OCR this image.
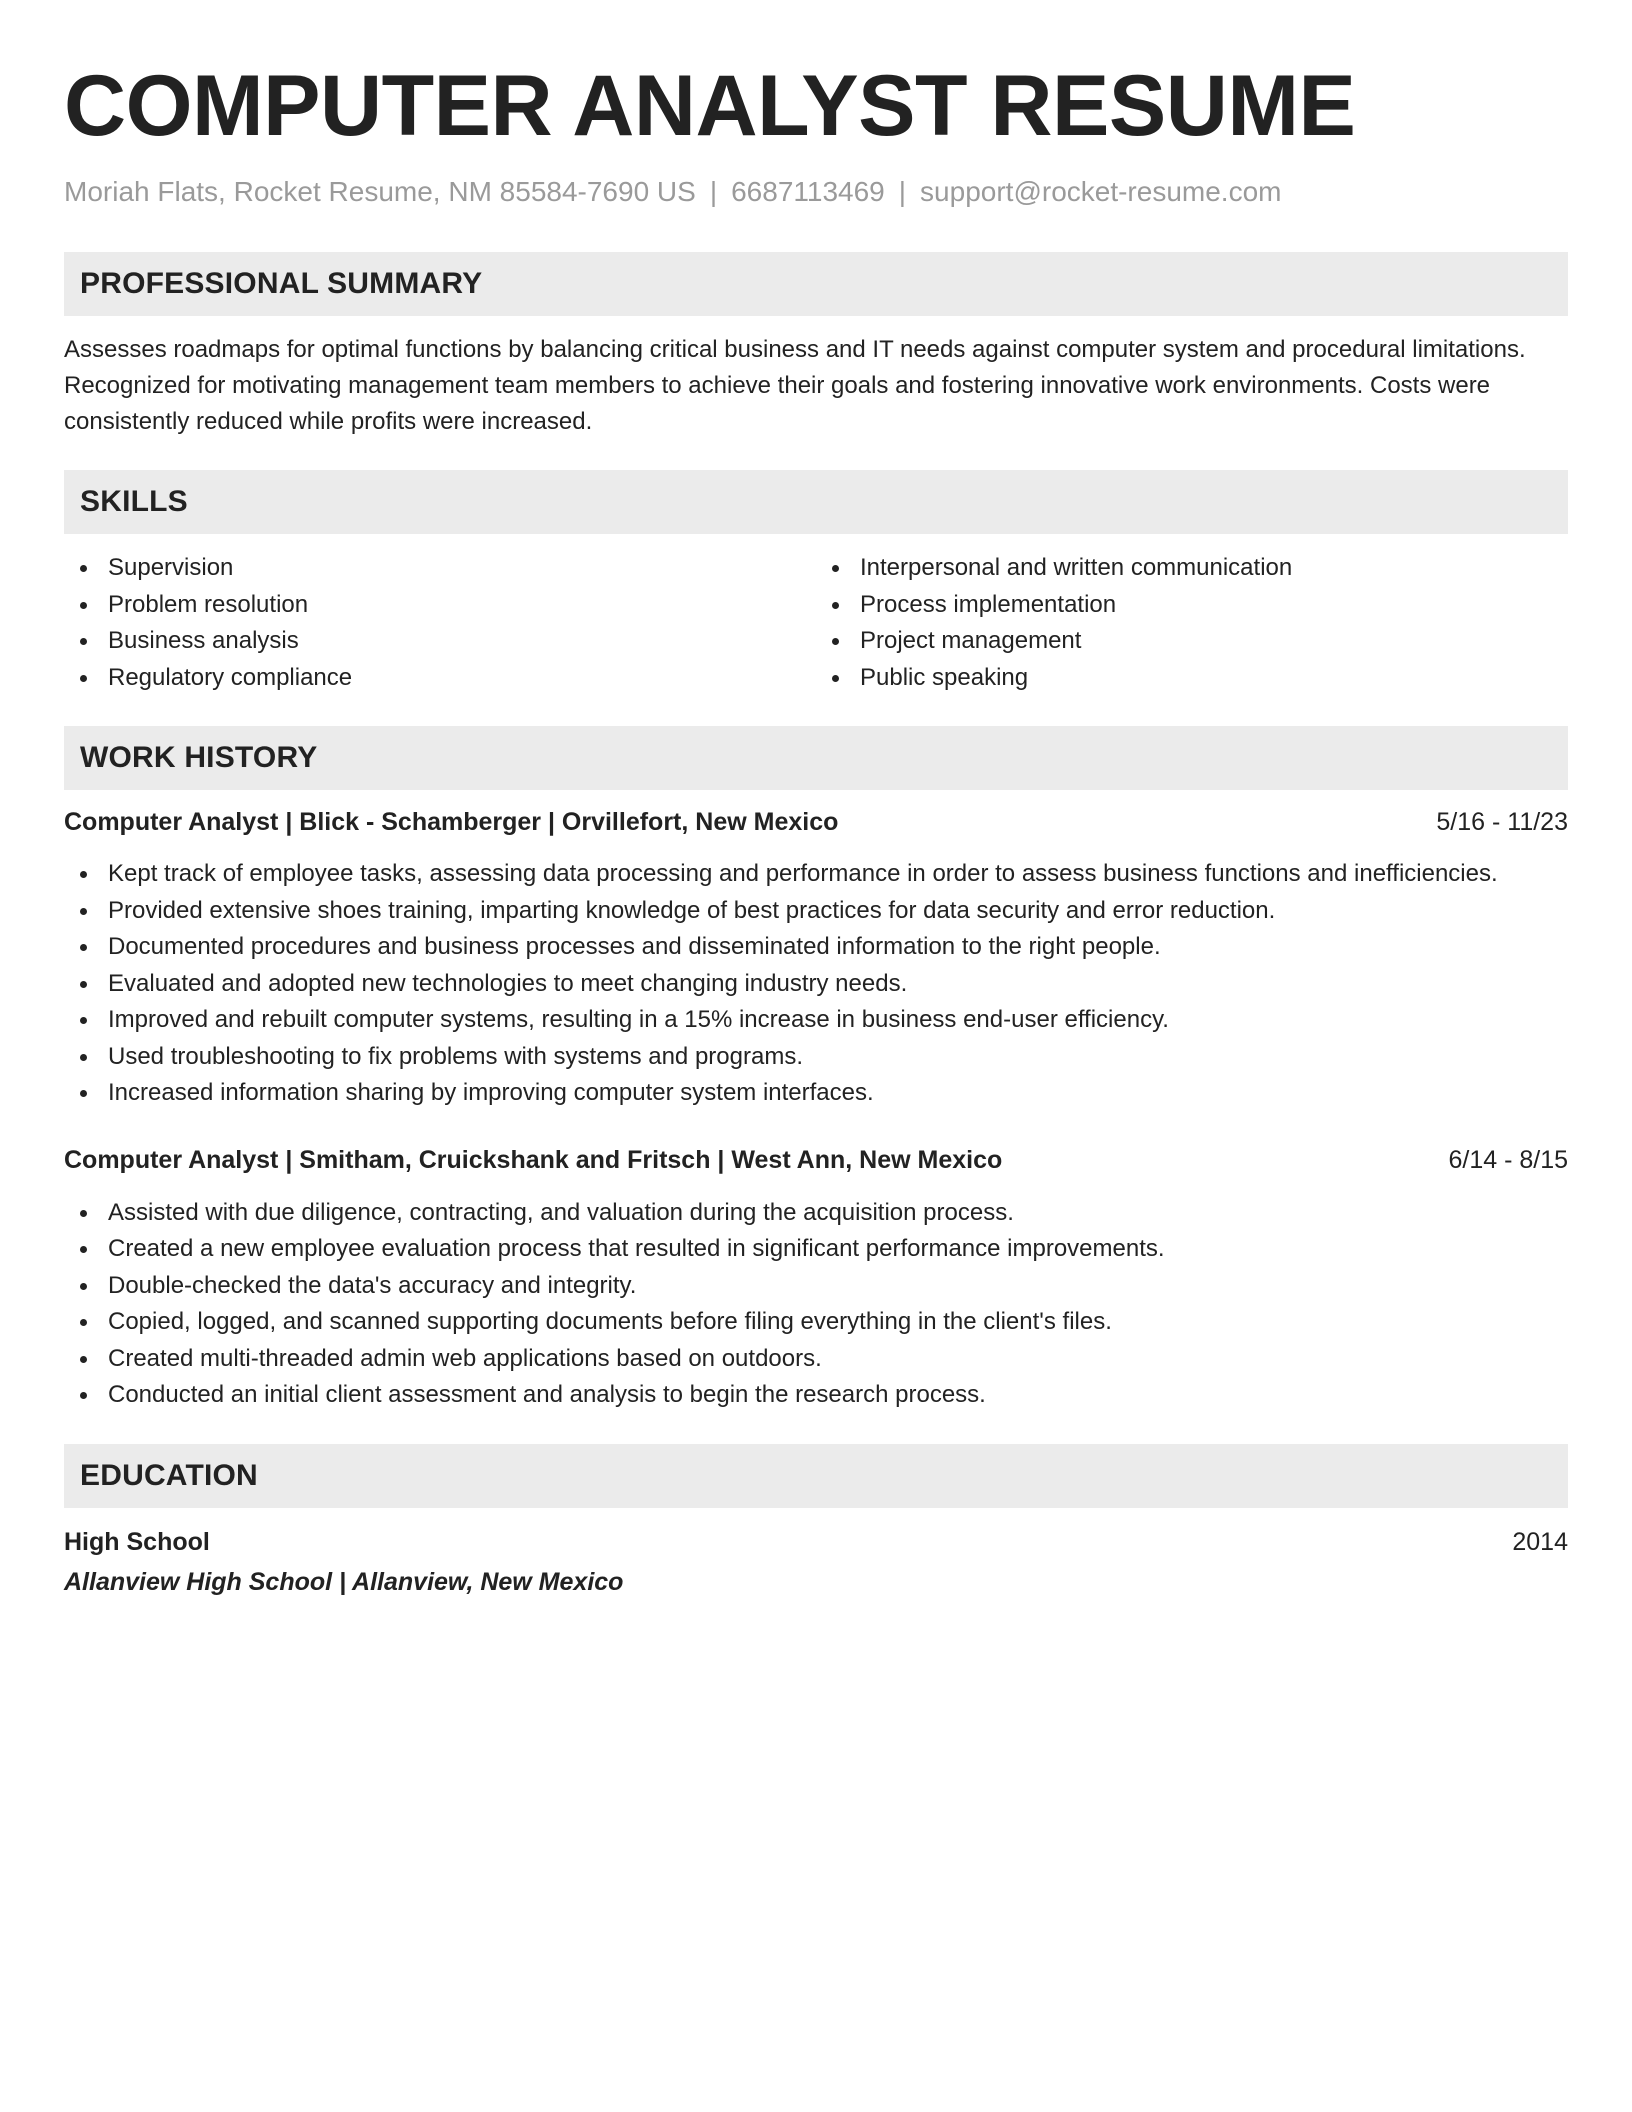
COMPUTER ANALYST RESUME
Moriah Flats, Rocket Resume, NM 85584-7690 US | 6687113469 | support@rocket-resume.com
PROFESSIONAL SUMMARY

Assesses roadmaps for optimal functions by balancing critical business and IT needs against computer system and procedural limitations. Recognized for motivating management team members to achieve their goals and fostering innovative work environments. Costs were consistently reduced while profits were increased.

SKILLS
Supervision
Problem resolution
Business analysis
Regulatory compliance
Interpersonal and written communication
Process implementation
Project management
Public speaking
WORK HISTORY
Computer Analyst | Blick - Schamberger | Orvillefort, New Mexico	5/16 - 11/23
Kept track of employee tasks, assessing data processing and performance in order to assess business functions and inefficiencies.
Provided extensive shoes training, imparting knowledge of best practices for data security and error reduction.
Documented procedures and business processes and disseminated information to the right people.
Evaluated and adopted new technologies to meet changing industry needs.
Improved and rebuilt computer systems, resulting in a 15% increase in business end-user efficiency.
Used troubleshooting to fix problems with systems and programs.
Increased information sharing by improving computer system interfaces.
Computer Analyst | Smitham, Cruickshank and Fritsch | West Ann, New Mexico	6/14 - 8/15
Assisted with due diligence, contracting, and valuation during the acquisition process.
Created a new employee evaluation process that resulted in significant performance improvements.
Double-checked the data's accuracy and integrity.
Copied, logged, and scanned supporting documents before filing everything in the client's files.
Created multi-threaded admin web applications based on outdoors.
Conducted an initial client assessment and analysis to begin the research process.
EDUCATION
High School	2014
Allanview High School | Allanview, New Mexico
